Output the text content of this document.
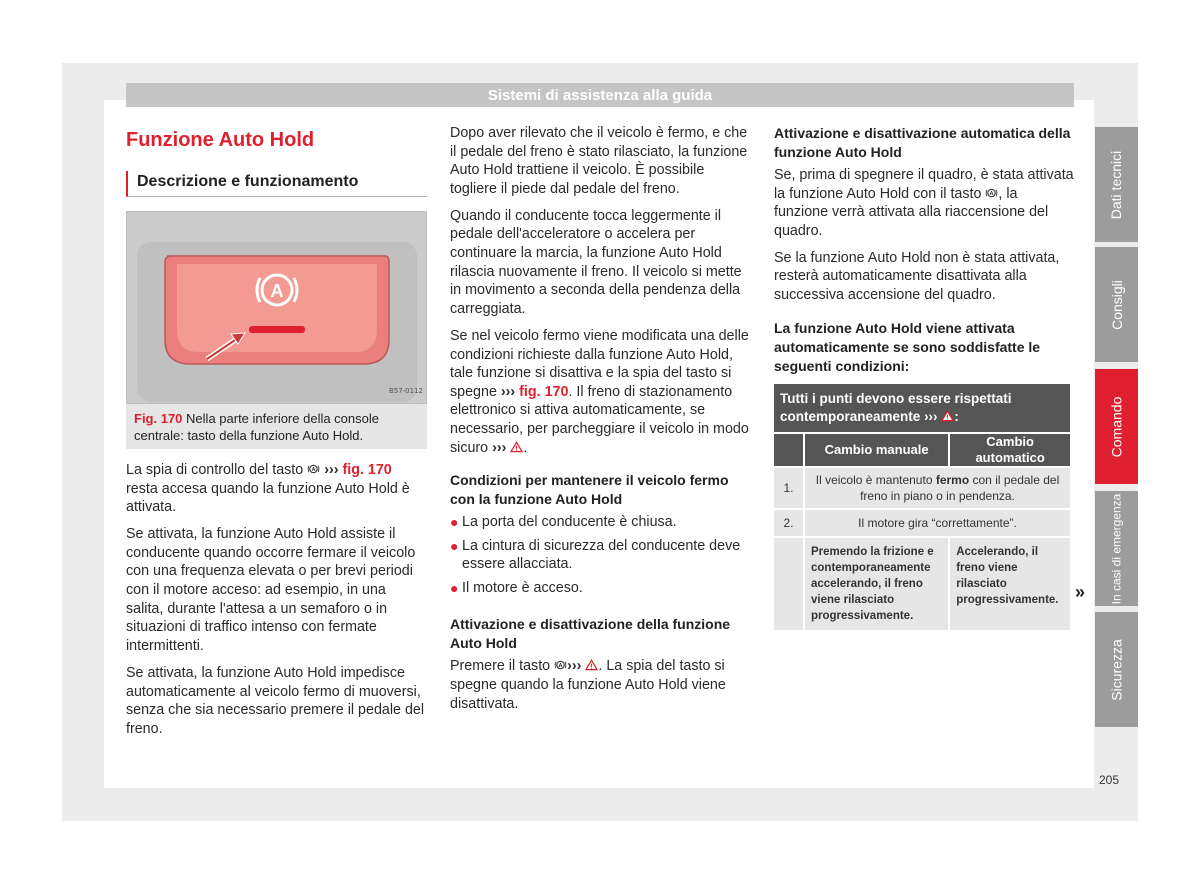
Sistemi di assistenza alla guida
Funzione Auto Hold
Descrizione e funzionamento
A
B57-0112
Fig. 170 Nella parte inferiore della console centrale: tasto della funzione Auto Hold.

La spia di controllo del tasto A ››› fig. 170 resta accesa quando la funzione Auto Hold è attivata.

Se attivata, la funzione Auto Hold assiste il conducente quando occorre fermare il veicolo con una frequenza elevata o per brevi periodi con il motore acceso: ad esempio, in una salita, durante l'attesa a un semaforo o in situazioni di traffico intenso con fermate intermittenti.

Se attivata, la funzione Auto Hold impedisce automaticamente al veicolo fermo di muoversi, senza che sia necessario premere il pedale del freno.

Dopo aver rilevato che il veicolo è fermo, e che il pedale del freno è stato rilasciato, la funzione Auto Hold trattiene il veicolo. È possibile togliere il piede dal pedale del freno.

Quando il conducente tocca leggermente il pedale dell'acceleratore o accelera per continuare la marcia, la funzione Auto Hold rilascia nuovamente il freno. Il veicolo si mette in movimento a seconda della pendenza della carreggiata.

Se nel veicolo fermo viene modificata una delle condizioni richieste dalla funzione Auto Hold, tale funzione si disattiva e la spia del tasto si spegne ››› fig. 170. Il freno di stazionamento elettronico si attiva automaticamente, se necessario, per parcheggiare il veicolo in modo sicuro ››› .

Condizioni per mantenere il veicolo fermo con la funzione Auto Hold
● La porta del conducente è chiusa.
● La cintura di sicurezza del conducente deve essere allacciata.
● Il motore è acceso.
Attivazione e disattivazione della funzione Auto Hold

Premere il tasto A ››› . La spia del tasto si spegne quando la funzione Auto Hold viene disattivata.

Attivazione e disattivazione automatica della funzione Auto Hold

Se, prima di spegnere il quadro, è stata attivata la funzione Auto Hold con il tasto A , la funzione verrà attivata alla riaccensione del quadro.

Se la funzione Auto Hold non è stata attivata, resterà automaticamente disattivata alla successiva accensione del quadro.

La funzione Auto Hold viene attivata automaticamente se sono soddisfatte le seguenti condizioni:
Tutti i punti devono essere rispettati contemporaneamente ››› :		
	Cambio manuale	Cambio automatico
1.	Il veicolo è mantenuto fermo con il pedale del freno in piano o in pendenza.	
2.	Il motore gira “correttamente”.	
	Premendo la frizione e contemporaneamente accelerando, il freno viene rilasciato progressivamente.	Accelerando, il freno viene rilasciato progressivamente. »
Dati tecnici
Consigli
Comando
In casi di emergenza
Sicurezza
205
